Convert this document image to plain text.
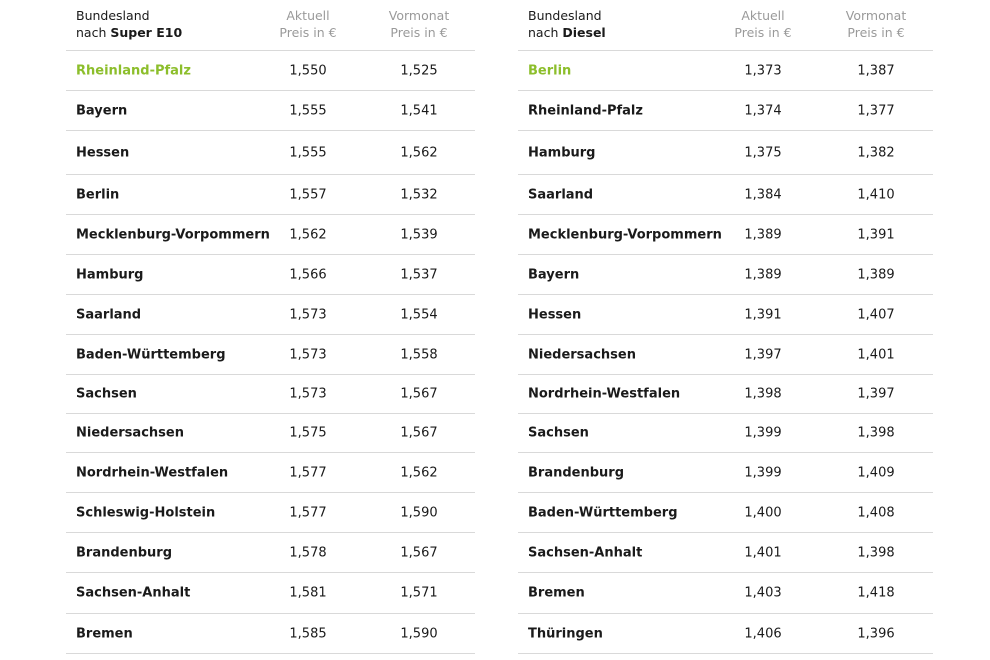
Bundesland
nach Super E10
Aktuell
Preis in €
Vormonat
Preis in €
Rheinland-Pfalz	1,550	1,525
Bayern	1,555	1,541
Hessen	1,555	1,562
Berlin	1,557	1,532
Mecklenburg-Vorpommern	1,562	1,539
Hamburg	1,566	1,537
Saarland	1,573	1,554
Baden-Württemberg	1,573	1,558
Sachsen	1,573	1,567
Niedersachsen	1,575	1,567
Nordrhein-Westfalen	1,577	1,562
Schleswig-Holstein	1,577	1,590
Brandenburg	1,578	1,567
Sachsen-Anhalt	1,581	1,571
Bremen	1,585	1,590
Bundesland
nach Diesel
Aktuell
Preis in €
Vormonat
Preis in €
Berlin	1,373	1,387
Rheinland-Pfalz	1,374	1,377
Hamburg	1,375	1,382
Saarland	1,384	1,410
Mecklenburg-Vorpommern	1,389	1,391
Bayern	1,389	1,389
Hessen	1,391	1,407
Niedersachsen	1,397	1,401
Nordrhein-Westfalen	1,398	1,397
Sachsen	1,399	1,398
Brandenburg	1,399	1,409
Baden-Württemberg	1,400	1,408
Sachsen-Anhalt	1,401	1,398
Bremen	1,403	1,418
Thüringen	1,406	1,396
